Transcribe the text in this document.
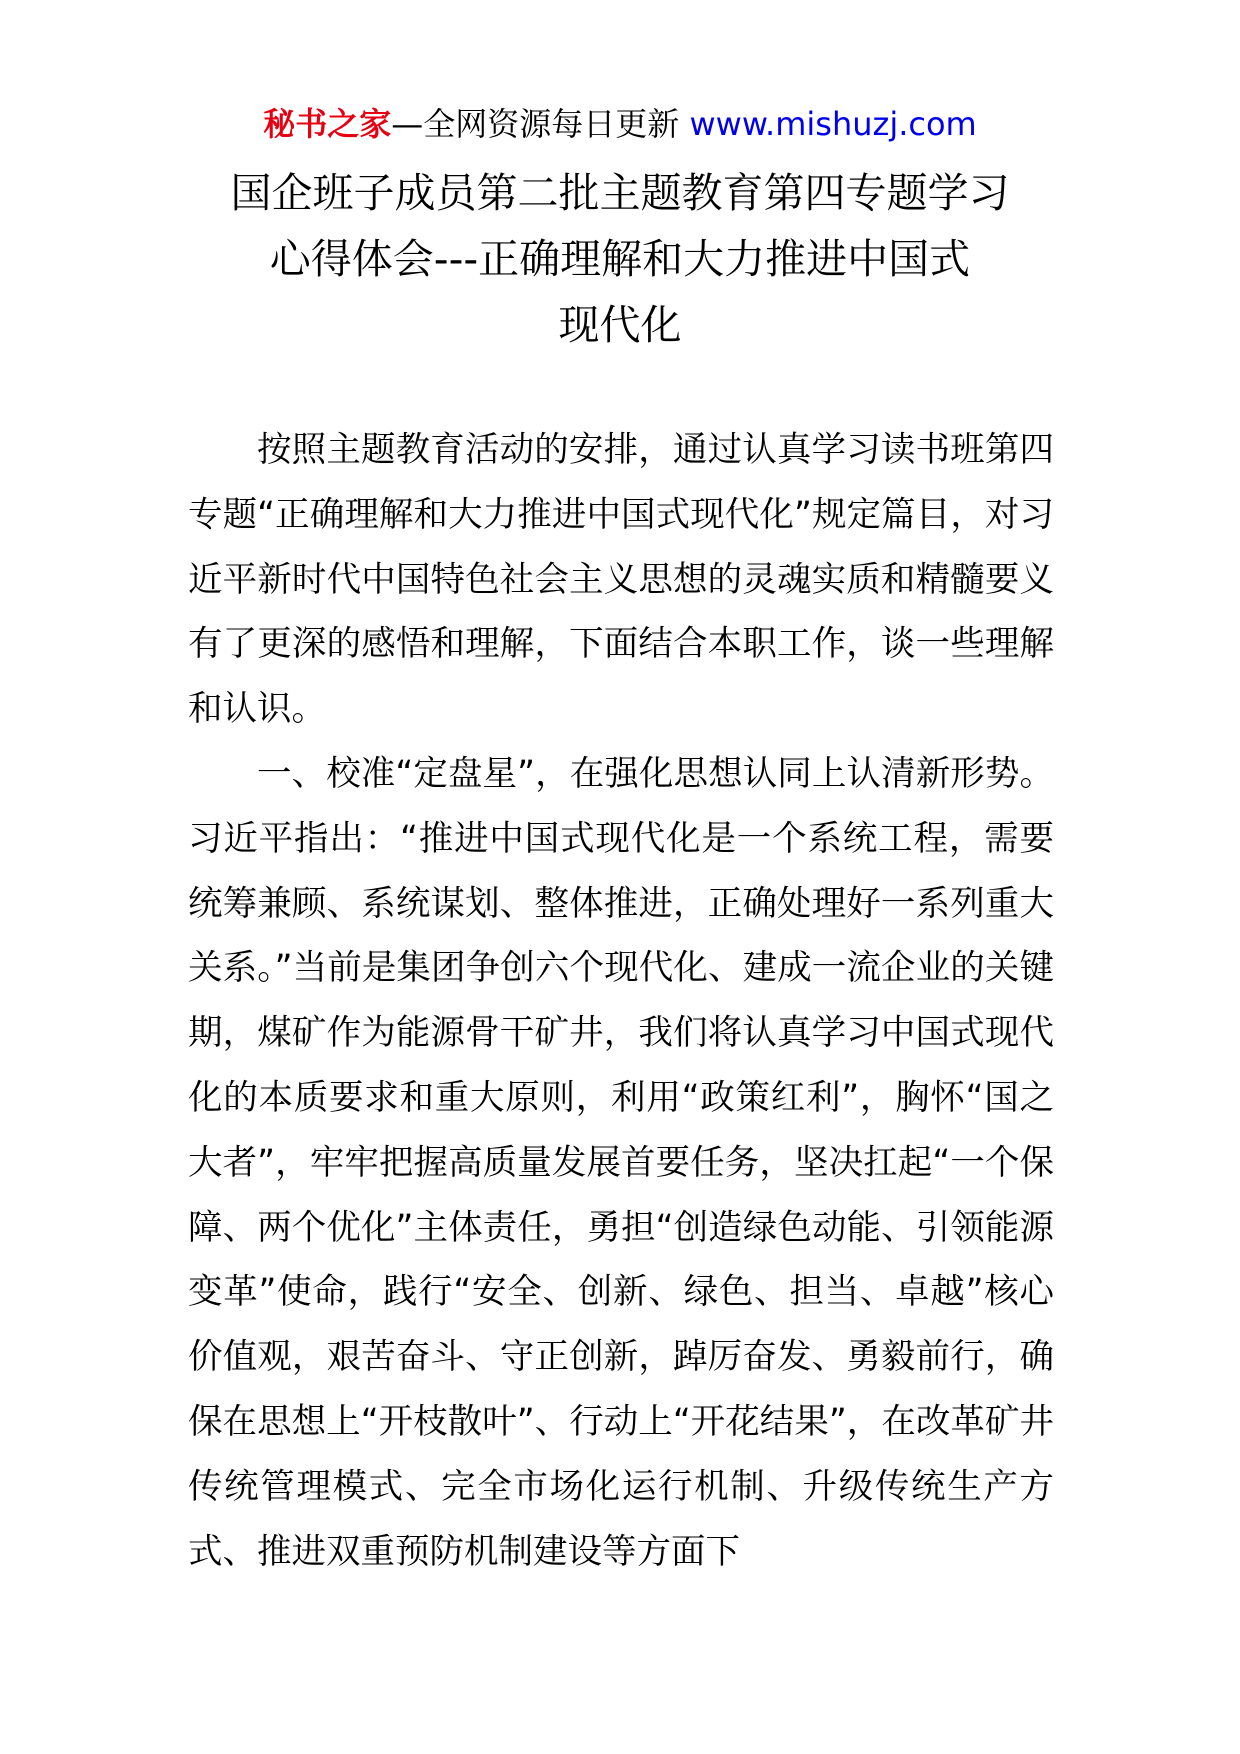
秘书之家—全网资源每日更新 www.mishuzj.com
国企班子成员第二批主题教育第四专题学习
心得体会---正确理解和大力推进中国式
现代化

按照主题教育活动的安排，通过认真学习读书班第四专题“正确理解和大力推进中国式现代化”规定篇目，对习近平新时代中国特色社会主义思想的灵魂实质和精髓要义有了更深的感悟和理解，下面结合本职工作，谈一些理解和认识。

一、校准“定盘星”，在强化思想认同上认清新形势。习近平指出：“推进中国式现代化是一个系统工程，需要统筹兼顾、系统谋划、整体推进，正确处理好一系列重大关系。”当前是集团争创六个现代化、建成一流企业的关键期，煤矿作为能源骨干矿井，我们将认真学习中国式现代化的本质要求和重大原则，利用“政策红利”，胸怀“国之大者”，牢牢把握高质量发展首要任务，坚决扛起“一个保障、两个优化”主体责任，勇担“创造绿色动能、引领能源变革”使命，践行“安全、创新、绿色、担当、卓越”核心价值观，艰苦奋斗、守正创新，踔厉奋发、勇毅前行，确保在思想上“开枝散叶”、行动上“开花结果”，在改革矿井传统管理模式、完全市场化运行机制、升级传统生产方式、推进双重预防机制建设等方面下
